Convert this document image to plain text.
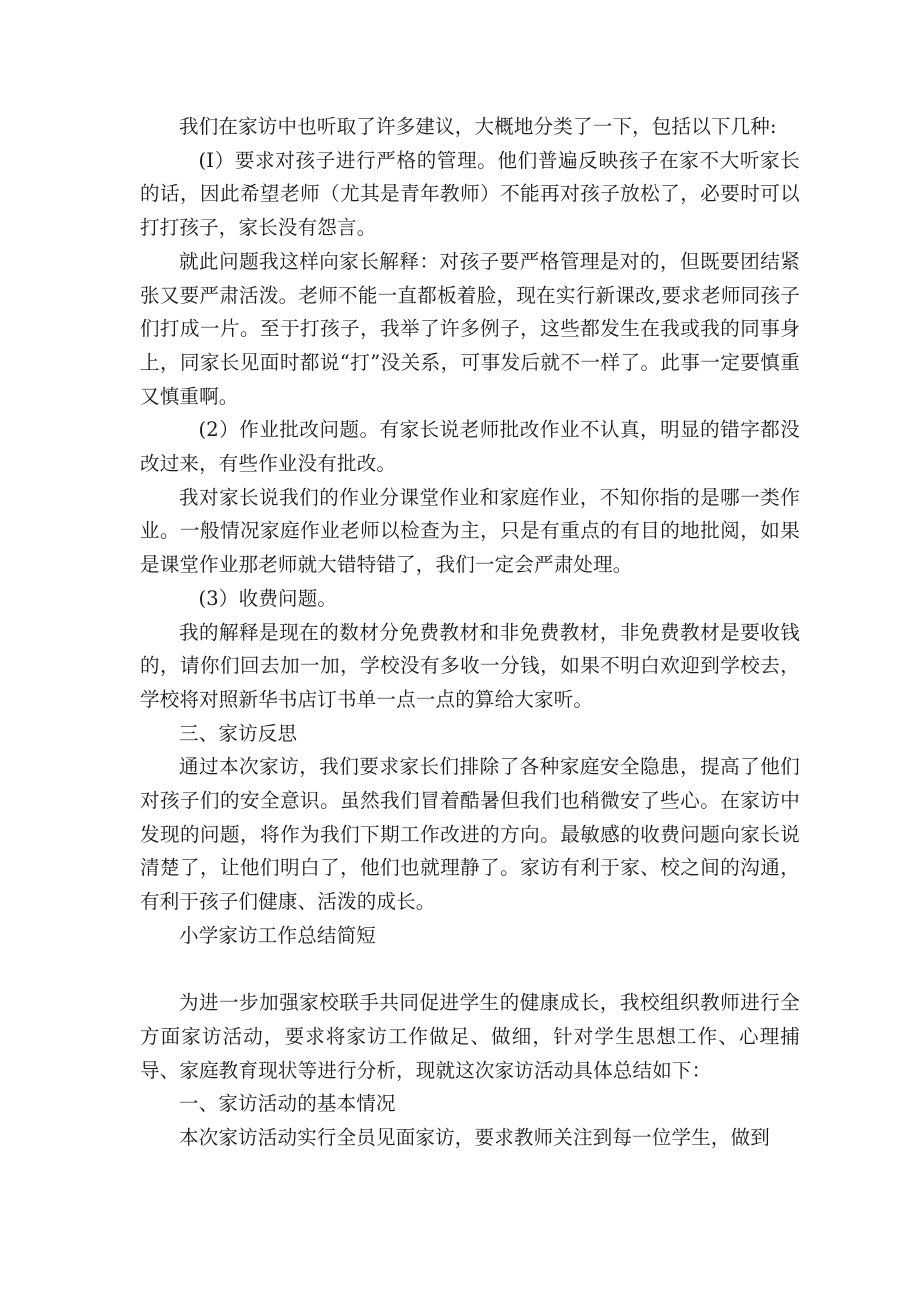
我们在家访中也听取了许多建议，大概地分类了一下，包括以下几种:

(I）要求对孩子进行严格的管理。他们普遍反映孩子在家不大听家长的话，因此希望老师（尤其是青年教师）不能再对孩子放松了，必要时可以打打孩子，家长没有怨言。

就此问题我这样向家长解释：对孩子要严格管理是对的，但既要团结紧张又要严肃活泼。老师不能一直都板着脸，现在实行新课改,要求老师同孩子们打成一片。至于打孩子，我举了许多例子，这些都发生在我或我的同事身上，同家长见面时都说“打”没关系，可事发后就不一样了。此事一定要慎重又慎重啊。

(2）作业批改问题。有家长说老师批改作业不认真，明显的错字都没改过来，有些作业没有批改。

我对家长说我们的作业分课堂作业和家庭作业，不知你指的是哪一类作业。一般情况家庭作业老师以检查为主，只是有重点的有目的地批阅，如果是课堂作业那老师就大错特错了，我们一定会严肃处理。

(3）收费问题。

我的解释是现在的数材分免费教材和非免费教材，非免费教材是要收钱的，请你们回去加一加，学校没有多收一分钱，如果不明白欢迎到学校去，学校将对照新华书店订书单一点一点的算给大家听。

三、家访反思

通过本次家访，我们要求家长们排除了各种家庭安全隐患，提高了他们对孩子们的安全意识。虽然我们冒着酷暑但我们也稍微安了些心。在家访中发现的问题，将作为我们下期工作改进的方向。最敏感的收费问题向家长说清楚了，让他们明白了，他们也就理静了。家访有利于家、校之间的沟通，有利于孩子们健康、活泼的成长。

小学家访工作总结简短

为进一步加强家校联手共同促进学生的健康成长，我校组织教师进行全方面家访活动，要求将家访工作做足、做细，针对学生思想工作、心理捕导、家庭教育现状等进行分析，现就这次家访活动具体总结如下：

一、家访活动的基本情况

本次家访活动实行全员见面家访，要求教师关注到每一位学生，做到
